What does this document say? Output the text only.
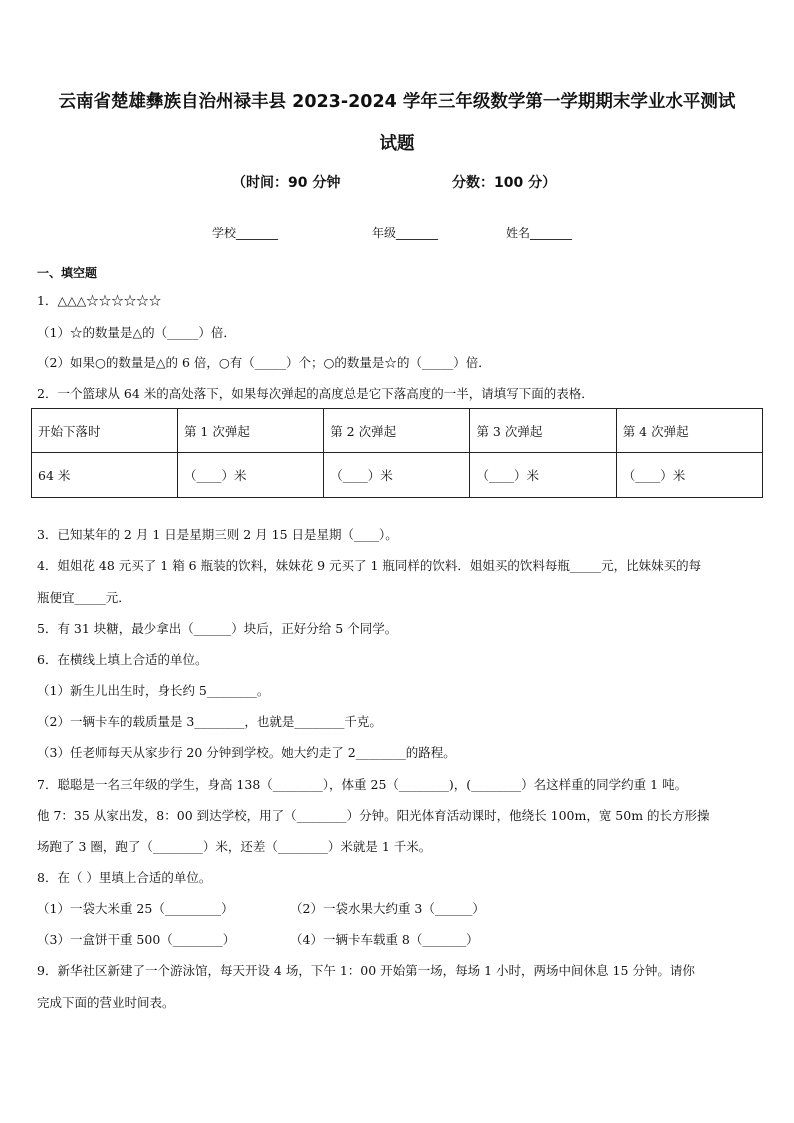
云南省楚雄彝族自治州禄丰县 2023-2024 学年三年级数学第一学期期末学业水平测试
试题
（时间：90 分钟	分数：100 分）
学校_______	年级_______	姓名_______
一、填空题
1．△△△☆☆☆☆☆☆
（1）☆的数量是△的（_____）倍．
（2）如果○的数量是△的 6 倍，○有（_____）个；○的数量是☆的（_____）倍．
2．一个篮球从 64 米的高处落下，如果每次弹起的高度总是它下落高度的一半，请填写下面的表格．
开始下落时	第 1 次弹起	第 2 次弹起	第 3 次弹起	第 4 次弹起
64 米	（____）米	（____）米	（____）米	（____）米
3．已知某年的 2 月 1 日是星期三则 2 月 15 日是星期（____）。
4．姐姐花 48 元买了 1 箱 6 瓶装的饮料，妹妹花 9 元买了 1 瓶同样的饮料．姐姐买的饮料每瓶_____元，比妹妹买的每
瓶便宜_____元．
5．有 31 块糖，最少拿出（______）块后，正好分给 5 个同学。
6．在横线上填上合适的单位。
（1）新生儿出生时，身长约 5________。
（2）一辆卡车的载质量是 3________，也就是________千克。
（3）任老师每天从家步行 20 分钟到学校。她大约走了 2________的路程。
7．聪聪是一名三年级的学生，身高 138（________），体重 25（________)，(________）名这样重的同学约重 1 吨。
他 7：35 从家出发，8：00 到达学校，用了（________）分钟。阳光体育活动课时，他绕长 100m，宽 50m 的长方形操
场跑了 3 圈，跑了（________）米，还差（________）米就是 1 千米。
8．在（ ）里填上合适的单位。
（1）一袋大米重 25（_________）	（2）一袋水果大约重 3（______）
（3）一盒饼干重 500（________）	（4）一辆卡车载重 8（_______）
9．新华社区新建了一个游泳馆，每天开设 4 场，下午 1：00 开始第一场，每场 1 小时，两场中间休息 15 分钟。请你
完成下面的营业时间表。
